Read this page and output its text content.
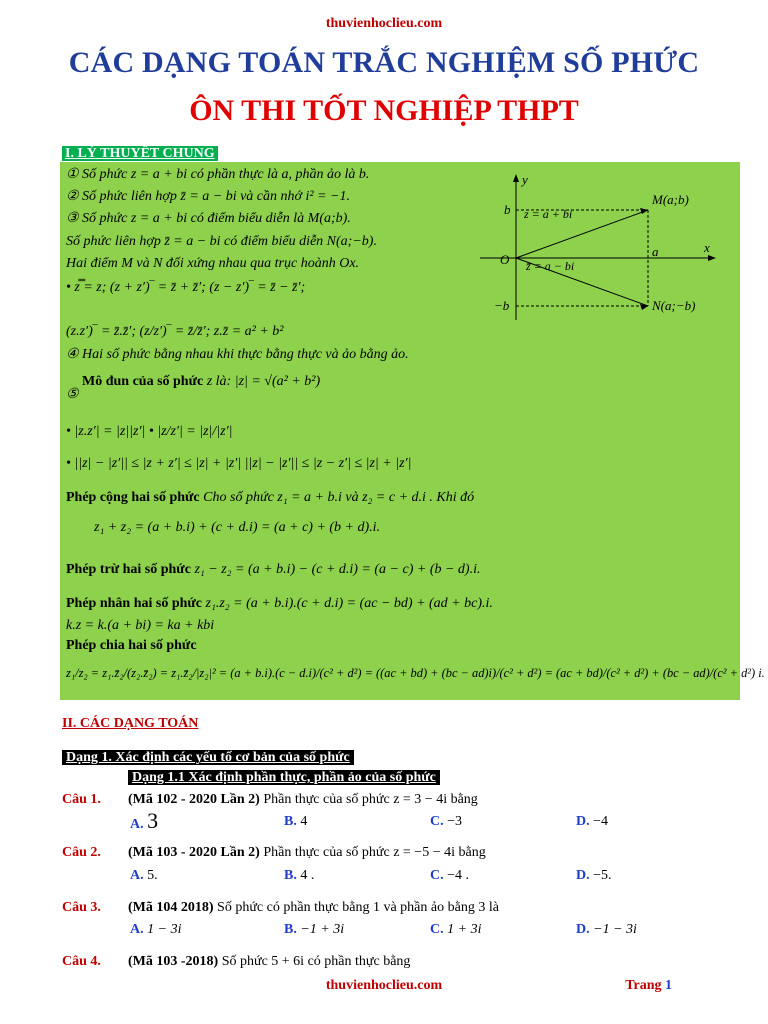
thuvienhoclieu.com
CÁC DẠNG TOÁN TRẮC NGHIỆM SỐ PHỨC
ÔN THI TỐT NGHIỆP THPT
I. LÝ THUYẾT CHUNG
① Số phức z = a + bi có phần thực là a, phần ảo là b.
② Số phức liên hợp z̄ = a − bi và cần nhớ i² = −1.
③ Số phức z = a + bi có điểm biểu diễn là M(a;b).
Số phức liên hợp z̄ = a − bi có điểm biểu diễn N(a;−b).
Hai điểm M và N đối xứng nhau qua trục hoành Ox.
• z̿ = z; (z + z′)‾ = z̄ + z̄′; (z − z′)‾ = z̄ − z̄′;
(z.z′)‾ = z̄.z̄′; (z/z′)‾ = z̄/z̄′; z.z̄ = a² + b²
④ Hai số phức bằng nhau khi thực bằng thực và ảo bằng ảo.
Mô đun của số phức z là: |z| = √(a² + b²)
⑤
• |z.z′| = |z||z′| • |z/z′| = |z|/|z′|
• ||z| − |z′|| ≤ |z + z′| ≤ |z| + |z′| ||z| − |z′|| ≤ |z − z′| ≤ |z| + |z′|
Phép cộng hai số phức Cho số phức z₁ = a + b.i và z₂ = c + d.i . Khi đó
z₁ + z₂ = (a + b.i) + (c + d.i) = (a + c) + (b + d).i.
Phép trừ hai số phức z₁ − z₂ = (a + b.i) − (c + d.i) = (a − c) + (b − d).i.
Phép nhân hai số phức z₁.z₂ = (a + b.i).(c + d.i) = (ac − bd) + (ad + bc).i.
k.z = k.(a + bi) = ka + kbi
Phép chia hai số phức
z₁/z₂ = z₁.z̄₂/(z₂.z̄₂) = z₁.z̄₂/|z₂|² = (a + b.i).(c − d.i)/(c² + d²) = ((ac + bd) + (bc − ad)i)/(c² + d²) = (ac + bd)/(c² + d²) + (bc − ad)/(c² + d²) i.
y
x
b
−b
O
a
M(a;b)
N(a;−b)
z = a + bi
z̄ = a − bi
II. CÁC DẠNG TOÁN
Dạng 1. Xác định các yếu tố cơ bản của số phức
Dạng 1.1 Xác định phần thực, phần ảo của số phức
Câu 1. (Mã 102 - 2020 Lần 2) Phần thực của số phức z = 3 − 4i bằng
A. 3	B. 4	C. −3	D. −4
Câu 2. (Mã 103 - 2020 Lần 2) Phần thực của số phức z = −5 − 4i bằng
A. 5.	B. 4 .	C. −4 .	D. −5.
Câu 3. (Mã 104 2018) Số phức có phần thực bằng 1 và phần ảo bằng 3 là
A. 1 − 3i	B. −1 + 3i	C. 1 + 3i	D. −1 − 3i
Câu 4. (Mã 103 -2018) Số phức 5 + 6i có phần thực bằng
thuvienhoclieu.com	Trang 1
